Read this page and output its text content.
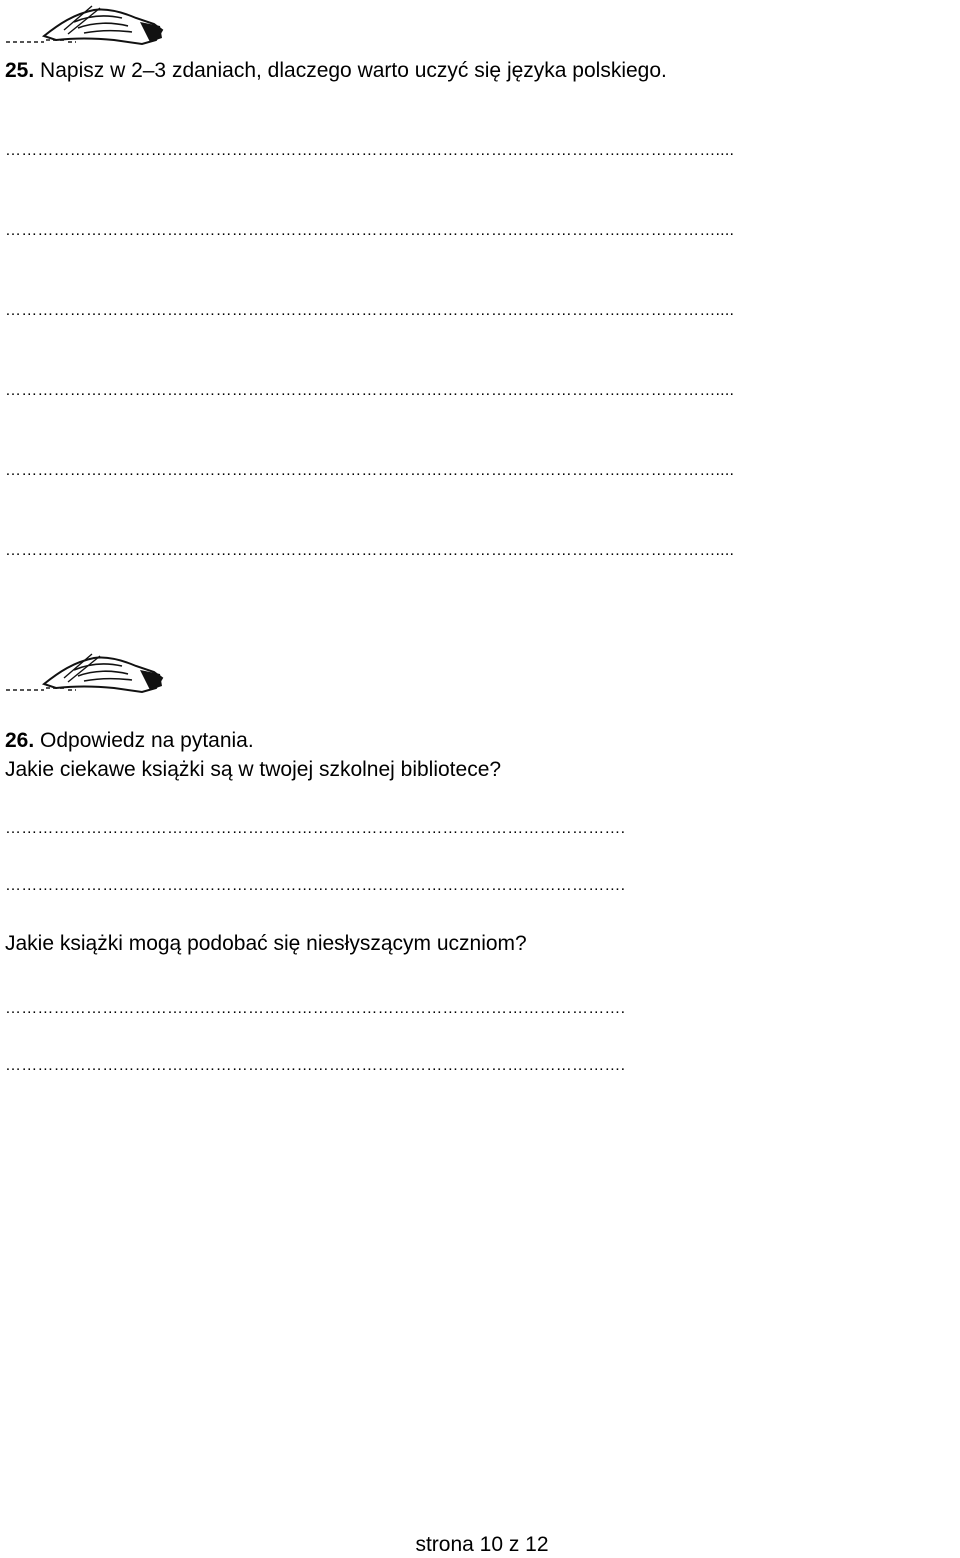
25. Napisz w 2–3 zdaniach, dlaczego warto uczyć się języka polskiego.
……………………………………………………………………………………………………...……………....
……………………………………………………………………………………………………...……………....
……………………………………………………………………………………………………...……………....
……………………………………………………………………………………………………...……………....
……………………………………………………………………………………………………...……………....
……………………………………………………………………………………………………...……………....
26. Odpowiedz na pytania.
Jakie ciekawe książki są w twojej szkolnej bibliotece?
…………………………………………………………………………………………………….
…………………………………………………………………………………………………….
Jakie książki mogą podobać się niesłyszącym uczniom?
…………………………………………………………………………………………………….
…………………………………………………………………………………………………….
strona 10 z 12
